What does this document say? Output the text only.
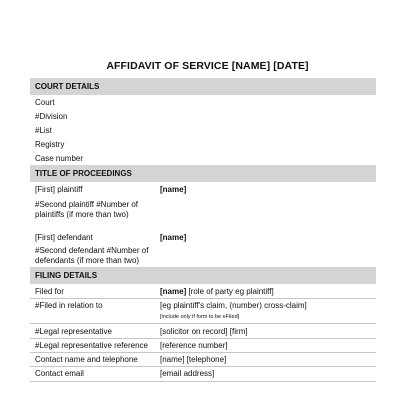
AFFIDAVIT OF SERVICE [NAME] [DATE]
COURT DETAILS
Court
#Division
#List
Registry
Case number
TITLE OF PROCEEDINGS
[First] plaintiff	[name]
#Second plaintiff #Number of plaintiffs (if more than two)
[First] defendant	[name]
#Second defendant #Number of defendants (if more than two)
FILING DETAILS
Filed for	[name] [role of party eg plaintiff]
#Filed in relation to	[eg plaintiff's claim, (number) cross-claim]
[include only if form to be eFiled]
#Legal representative	[solicitor on record] [firm]
#Legal representative reference [reference number]
Contact name and telephone	[name] [telephone]
Contact email	[email address]
